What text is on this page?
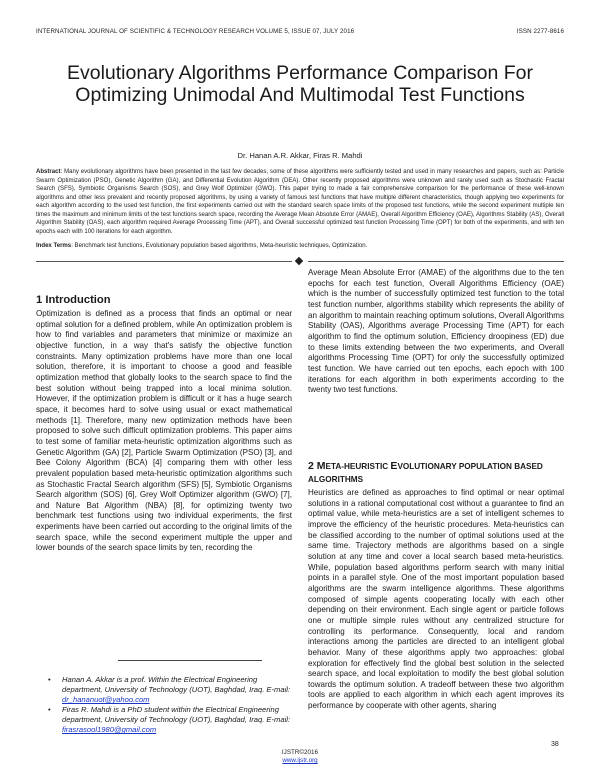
INTERNATIONAL JOURNAL OF SCIENTIFIC & TECHNOLOGY RESEARCH VOLUME 5, ISSUE 07, JULY 2016	ISSN 2277-8616
Evolutionary Algorithms Performance Comparison For Optimizing Unimodal And Multimodal Test Functions
Dr. Hanan A.R. Akkar, Firas R. Mahdi
Abstract: Many evolutionary algorithms have been presented in the last few decades, some of these algorithms were sufficiently tested and used in many researches and papers, such as: Particle Swarm Optimization (PSO), Genetic Algorithm (GA), and Differential Evolution Algorithm (DEA). Other recently proposed algorithms were unknown and rarely used such as Stochastic Fractal Search (SFS), Symbiotic Organisms Search (SOS), and Grey Wolf Optimizer (GWO). This paper trying to made a fair comprehensive comparison for the performance of these well-known algorithms and other less prevalent and recently proposed algorithms, by using a variety of famous test functions that have multiple different characteristics, though applying two experiments for each algorithm according to the used test function, the first experiments carried out with the standard search space limits of the proposed test functions, while the second experiment multiple ten times the maximum and minimum limits of the test functions search space, recording the Average Mean Absolute Error (AMAE), Overall Algorithm Efficiency (OAE), Algorithms Stability (AS), Overall Algorithm Stability (OAS), each algorithm required Average Processing Time (APT), and Overall successful optimized test function Processing Time (OPT) for both of the experiments, and with ten epochs each with 100 iterations for each algorithm.
Index Terms: Benchmark test functions, Evolutionary population based algorithms, Meta-heuristic techniques, Optimization.
1 Introduction
Optimization is defined as a process that finds an optimal or near optimal solution for a defined problem, while An optimization problem is how to find variables and parameters that minimize or maximize an objective function, in a way that's satisfy the objective function constraints. Many optimization problems have more than one local solution, therefore, it is important to choose a good and feasible optimization method that globally looks to the search space to find the best solution without being trapped into a local minima solution. However, if the optimization problem is difficult or it has a huge search space, it becomes hard to solve using usual or exact mathematical methods [1]. Therefore, many new optimization methods have been proposed to solve such difficult optimization problems. This paper aims to test some of familiar meta-heuristic optimization algorithms such as Genetic Algorithm (GA) [2], Particle Swarm Optimization (PSO) [3], and Bee Colony Algorithm (BCA) [4] comparing them with other less prevalent population based meta-heuristic optimization algorithms such as Stochastic Fractal Search algorithm (SFS) [5], Symbiotic Organisms Search algorithm (SOS) [6], Grey Wolf Optimizer algorithm (GWO) [7], and Nature Bat Algorithm (NBA) [8], for optimizing twenty two benchmark test functions using two individual experiments, the first experiments have been carried out according to the original limits of the search space, while the second experiment multiple the upper and lower bounds of the search space limits by ten, recording the
Average Mean Absolute Error (AMAE) of the algorithms due to the ten epochs for each test function, Overall Algorithms Efficiency (OAE) which is the number of successfully optimized test function to the total test function number, algorithms stability which represents the ability of an algorithm to maintain reaching optimum solutions, Overall Algorithms Stability (OAS), Algorithms average Processing Time (APT) for each algorithm to find the optimum solution, Efficiency droopiness (ED) due to these limits extending between the two experiments, and Overall algorithms Processing Time (OPT) for only the successfully optimized test function. We have carried out ten epochs, each epoch with 100 iterations for each algorithm in both experiments according to the twenty two test functions.
2 META-HEURISTIC EVOLUTIONARY POPULATION BASED ALGORITHMS
Heuristics are defined as approaches to find optimal or near optimal solutions in a rational computational cost without a guarantee to find an optimal value, while meta-heuristics are a set of intelligent schemes to improve the efficiency of the heuristic procedures. Meta-heuristics can be classified according to the number of optimal solutions used at the same time. Trajectory methods are algorithms based on a single solution at any time and cover a local search based meta-heuristics. While, population based algorithms perform search with many initial points in a parallel style. One of the most important population based algorithms are the swarm intelligence algorithms. These algorithms composed of simple agents cooperating locally with each other depending on their environment. Each single agent or particle follows one or multiple simple rules without any centralized structure for controlling its performance. Consequently, local and random interactions among the particles are directed to an intelligent global behavior. Many of these algorithms apply two approaches: global exploration for effectively find the global best solution in the selected search space, and local exploitation to modify the best global solution towards the optimum solution. A tradeoff between these two algorithm tools are applied to each algorithm in which each agent improves its performance by cooperate with other agents, sharing

• Hanan A. Akkar is a prof. Within the Electrical Engineering department, University of Technology (UOT), Baghdad, Iraq. E-mail: dr_hananuot@yahoo.com

• Firas R. Mahdi is a PhD student within the Electrical Engineering department, University of Technology (UOT), Baghdad, Iraq. E-mail: firasrasool1980@gmail.com

38
IJSTR©2016
www.ijstr.org
